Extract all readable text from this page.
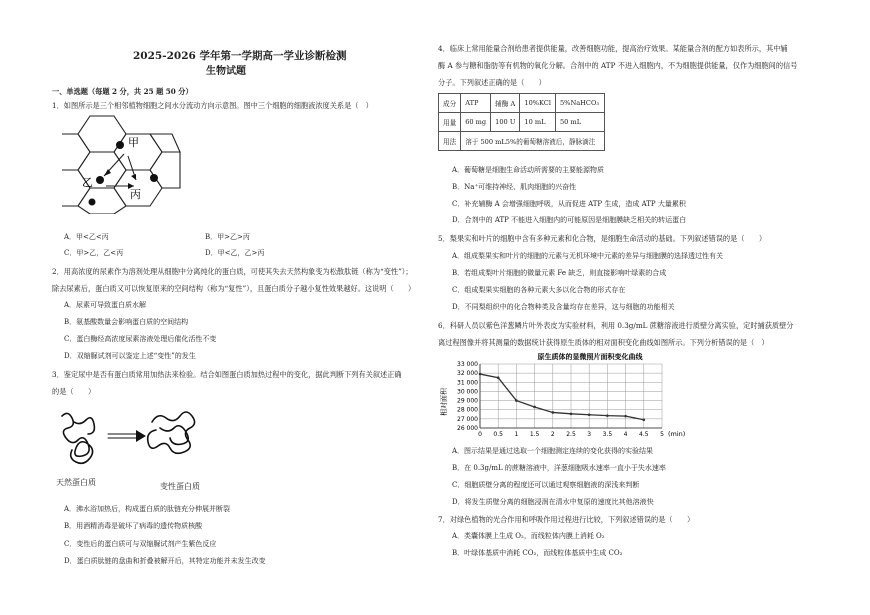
2025-2026 学年第一学期高一学业诊断检测
生物试题
一、单选题（每题 2 分，共 25 题 50 分）
1．如图所示是三个相邻植物细胞之间水分流动方向示意图。图中三个细胞的细胞液浓度关系是（　）
甲
乙
丙
A．甲<乙<丙	B．甲>乙>丙
C．甲>乙，乙<丙	D．甲<乙，乙>丙
2．用高浓度的尿素作为溶剂处理从细胞中分离纯化的蛋白质，可使其失去天然构象变为松散肽链（称为“变性”）；
除去尿素后，蛋白质又可以恢复原来的空间结构（称为“复性”），且蛋白质分子越小复性效果越好。这说明（　　）
A．尿素可导致蛋白质水解
B．氨基酸数量会影响蛋白质的空间结构
C．蛋白酶经高浓度尿素溶液处理后催化活性不变
D．双缩脲试剂可以鉴定上述“变性”的发生
3．鉴定尿中是否有蛋白质常用加热法来检验。结合如图蛋白质加热过程中的变化，据此判断下列有关叙述正确
的是（　　）
天然蛋白质	变性蛋白质
A．沸水浴加热后，构成蛋白质的肽链充分伸展并断裂
B．用酒精消毒是破坏了病毒的遗传物质核酸
C．变性后的蛋白质可与双缩脲试剂产生紫色反应
D．蛋白质肽链的盘曲和折叠被解开后，其特定功能并未发生改变
4．临床上常用能量合剂给患者提供能量，改善细胞功能，提高治疗效果。某能量合剂的配方如表所示，其中辅
酶 A 参与糖和脂肪等有机物的氧化分解。合剂中的 ATP 不进入细胞内，不为细胞提供能量，仅作为细胞间的信号
分子。下列叙述正确的是（　　）
成分	ATP	辅酶 A	10%KCl	5%NaHCO₃
用量	60 mg	100 U	10 mL	50 mL
用法	溶于 500 mL5%的葡萄糖溶液后，静脉滴注			
A．葡萄糖是细胞生命活动所需要的主要能源物质
B．Na⁺可维持神经、肌肉细胞的兴奋性
C．补充辅酶 A 会增强细胞呼吸，从而促进 ATP 生成，造成 ATP 大量累积
D．合剂中的 ATP 不能进入细胞内的可能原因是细胞膜缺乏相关的转运蛋白
5．梨果实和叶片的细胞中含有多种元素和化合物，是细胞生命活动的基础。下列叙述错误的是（　　）
A．组成梨果实和叶片的细胞的元素与无机环境中元素的差异与细胞膜的选择透过性有关
B．若组成梨叶片细胞的微量元素 Fe 缺乏，则直接影响叶绿素的合成
C．组成梨果实细胞的各种元素大多以化合物的形式存在
D．不同梨组织中的化合物种类及含量均存在差异，这与细胞的功能相关
6．科研人员以紫色洋葱鳞片叶外表皮为实验材料，利用 0.3g/mL 蔗糖溶液进行质壁分离实验，定时捕获质壁分
离过程图像并将其测量的数据统计获得原生质体的相对面积变化曲线如图所示。下列分析错误的是（　）
原生质体的显微照片面积变化曲线
相对面积
26 000
27 000
28 000
29 000
30 000
31 000
32 000
33 000
0 0.5 1 1.5 2 2.5 3 3.5 4 4.5 5 (min)
A．图示结果是通过选取一个细胞测定连续的变化获得的实验结果
B．在 0.3g/mL 的蔗糖溶液中，洋葱细胞吸水速率一直小于失水速率
C．细胞质壁分离的程度还可以通过观察细胞液的深浅来判断
D．将发生质壁分离的细胞浸润在清水中复原的速度比其他溶液快
7．对绿色植物的光合作用和呼吸作用过程进行比较，下列叙述错误的是（　　）
A．类囊体膜上生成 O₂，而线粒体内膜上消耗 O₂
B．叶绿体基质中消耗 CO₂，而线粒体基质中生成 CO₂
